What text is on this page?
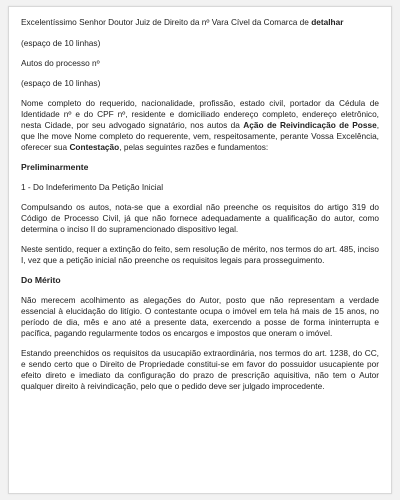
Excelentíssimo Senhor Doutor Juiz de Direito da nº Vara Cível da Comarca de detalhar

(espaço de 10 linhas)

Autos do processo nº

(espaço de 10 linhas)

Nome completo do requerido, nacionalidade, profissão, estado civil, portador da Cédula de Identidade nº e do CPF nº, residente e domiciliado endereço completo, endereço eletrônico, nesta Cidade, por seu advogado signatário, nos autos da Ação de Reivindicação de Posse, que lhe move Nome completo do requerente, vem, respeitosamente, perante Vossa Excelência, oferecer sua Contestação, pelas seguintes razões e fundamentos:

Preliminarmente

1 - Do Indeferimento Da Petição Inicial

Compulsando os autos, nota-se que a exordial não preenche os requisitos do artigo 319 do Código de Processo Civil, já que não fornece adequadamente a qualificação do autor, como determina o inciso II do supramencionado dispositivo legal.

Neste sentido, requer a extinção do feito, sem resolução de mérito, nos termos do art. 485, inciso I, vez que a petição inicial não preenche os requisitos legais para prosseguimento.

Do Mérito

Não merecem acolhimento as alegações do Autor, posto que não representam a verdade essencial à elucidação do litígio. O contestante ocupa o imóvel em tela há mais de 15 anos, no período de dia, mês e ano até a presente data, exercendo a posse de forma ininterrupta e pacífica, pagando regularmente todos os encargos e impostos que oneram o imóvel.

Estando preenchidos os requisitos da usucapião extraordinária, nos termos do art. 1238, do CC, e sendo certo que o Direito de Propriedade constitui-se em favor do possuidor usucapiente por efeito direto e imediato da configuração do prazo de prescrição aquisitiva, não tem o Autor qualquer direito à reivindicação, pelo que o pedido deve ser julgado improcedente.
